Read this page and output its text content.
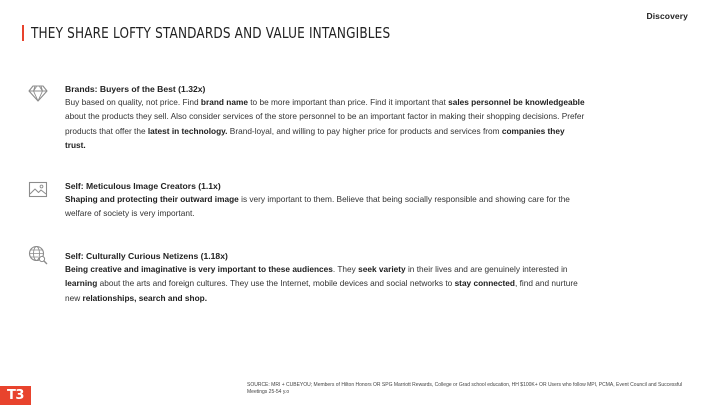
Discovery
THEY SHARE LOFTY STANDARDS AND VALUE INTANGIBLES

Brands: Buyers of the Best (1.32x)

Buy based on quality, not price. Find brand name to be more important than price. Find it important that sales personnel be knowledgeable about the products they sell. Also consider services of the store personnel to be an important factor in making their shopping decisions. Prefer products that offer the latest in technology. Brand-loyal, and willing to pay higher price for products and services from companies they trust.

Self: Meticulous Image Creators (1.1x)

Shaping and protecting their outward image is very important to them. Believe that being socially responsible and showing care for the welfare of society is very important.

Self: Culturally Curious Netizens (1.18x)

Being creative and imaginative is very important to these audiences. They seek variety in their lives and are genuinely interested in learning about the arts and foreign cultures. They use the Internet, mobile devices and social networks to stay connected, find and nurture new relationships, search and shop.

SOURCE: MRI + CUBEYOU; Members of Hilton Honors OR SPG Marriott Rewards, College or Grad school education, HH $100K+ OR Users who follow MPI, PCMA, Event Council and Successful Meetings 25-54 y.o
T3
